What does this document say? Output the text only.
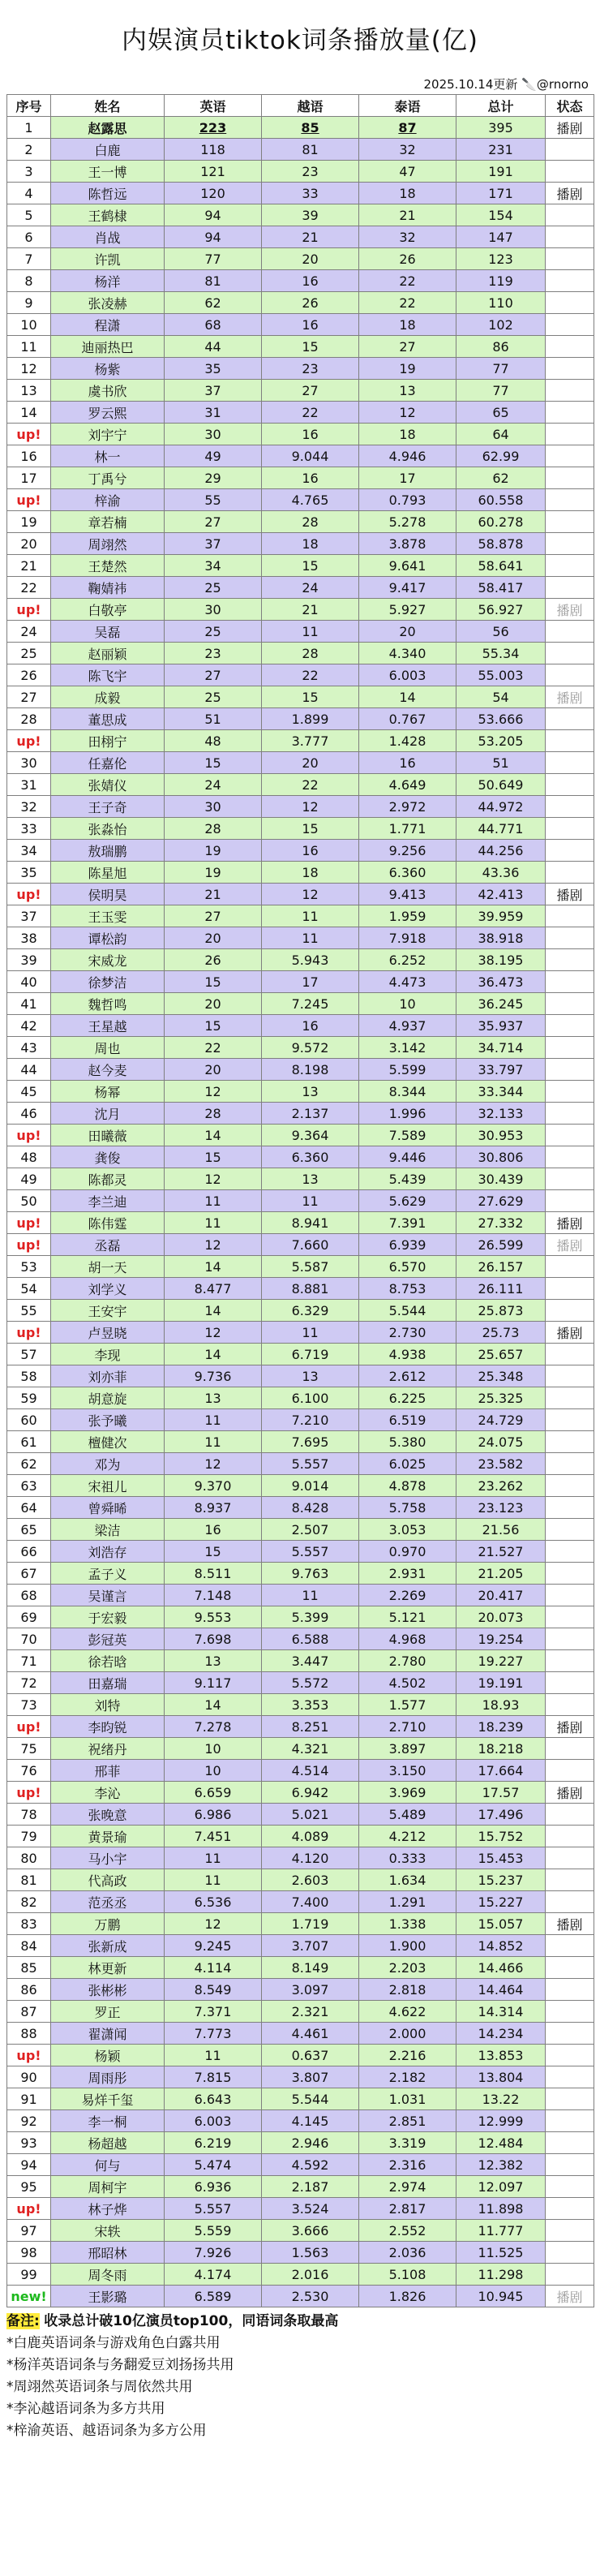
内娱演员tiktok词条播放量(亿)
2025.10.14更新 🔪@rnorno
序号	姓名	英语	越语	泰语	总计	状态
1	赵露思	223	85	87	395	播剧
2	白鹿	118	81	32	231	
3	王一博	121	23	47	191	
4	陈哲远	120	33	18	171	播剧
5	王鹤棣	94	39	21	154	
6	肖战	94	21	32	147	
7	许凯	77	20	26	123	
8	杨洋	81	16	22	119	
9	张凌赫	62	26	22	110	
10	程潇	68	16	18	102	
11	迪丽热巴	44	15	27	86	
12	杨紫	35	23	19	77	
13	虞书欣	37	27	13	77	
14	罗云熙	31	22	12	65	
up!	刘宇宁	30	16	18	64	
16	林一	49	9.044	4.946	62.99	
17	丁禹兮	29	16	17	62	
up!	梓渝	55	4.765	0.793	60.558	
19	章若楠	27	28	5.278	60.278	
20	周翊然	37	18	3.878	58.878	
21	王楚然	34	15	9.641	58.641	
22	鞠婧祎	25	24	9.417	58.417	
up!	白敬亭	30	21	5.927	56.927	播剧
24	吴磊	25	11	20	56	
25	赵丽颖	23	28	4.340	55.34	
26	陈飞宇	27	22	6.003	55.003	
27	成毅	25	15	14	54	播剧
28	董思成	51	1.899	0.767	53.666	
up!	田栩宁	48	3.777	1.428	53.205	
30	任嘉伦	15	20	16	51	
31	张婧仪	24	22	4.649	50.649	
32	王子奇	30	12	2.972	44.972	
33	张淼怡	28	15	1.771	44.771	
34	敖瑞鹏	19	16	9.256	44.256	
35	陈星旭	19	18	6.360	43.36	
up!	侯明昊	21	12	9.413	42.413	播剧
37	王玉雯	27	11	1.959	39.959	
38	谭松韵	20	11	7.918	38.918	
39	宋威龙	26	5.943	6.252	38.195	
40	徐梦洁	15	17	4.473	36.473	
41	魏哲鸣	20	7.245	10	36.245	
42	王星越	15	16	4.937	35.937	
43	周也	22	9.572	3.142	34.714	
44	赵今麦	20	8.198	5.599	33.797	
45	杨幂	12	13	8.344	33.344	
46	沈月	28	2.137	1.996	32.133	
up!	田曦薇	14	9.364	7.589	30.953	
48	龚俊	15	6.360	9.446	30.806	
49	陈都灵	12	13	5.439	30.439	
50	李兰迪	11	11	5.629	27.629	
up!	陈伟霆	11	8.941	7.391	27.332	播剧
up!	丞磊	12	7.660	6.939	26.599	播剧
53	胡一天	14	5.587	6.570	26.157	
54	刘学义	8.477	8.881	8.753	26.111	
55	王安宇	14	6.329	5.544	25.873	
up!	卢昱晓	12	11	2.730	25.73	播剧
57	李现	14	6.719	4.938	25.657	
58	刘亦菲	9.736	13	2.612	25.348	
59	胡意旋	13	6.100	6.225	25.325	
60	张予曦	11	7.210	6.519	24.729	
61	檀健次	11	7.695	5.380	24.075	
62	邓为	12	5.557	6.025	23.582	
63	宋祖儿	9.370	9.014	4.878	23.262	
64	曾舜晞	8.937	8.428	5.758	23.123	
65	梁洁	16	2.507	3.053	21.56	
66	刘浩存	15	5.557	0.970	21.527	
67	孟子义	8.511	9.763	2.931	21.205	
68	吴谨言	7.148	11	2.269	20.417	
69	于宏毅	9.553	5.399	5.121	20.073	
70	彭冠英	7.698	6.588	4.968	19.254	
71	徐若晗	13	3.447	2.780	19.227	
72	田嘉瑞	9.117	5.572	4.502	19.191	
73	刘特	14	3.353	1.577	18.93	
up!	李昀锐	7.278	8.251	2.710	18.239	播剧
75	祝绪丹	10	4.321	3.897	18.218	
76	邢菲	10	4.514	3.150	17.664	
up!	李沁	6.659	6.942	3.969	17.57	播剧
78	张晚意	6.986	5.021	5.489	17.496	
79	黄景瑜	7.451	4.089	4.212	15.752	
80	马小宇	11	4.120	0.333	15.453	
81	代高政	11	2.603	1.634	15.237	
82	范丞丞	6.536	7.400	1.291	15.227	
83	万鹏	12	1.719	1.338	15.057	播剧
84	张新成	9.245	3.707	1.900	14.852	
85	林更新	4.114	8.149	2.203	14.466	
86	张彬彬	8.549	3.097	2.818	14.464	
87	罗正	7.371	2.321	4.622	14.314	
88	翟潇闻	7.773	4.461	2.000	14.234	
up!	杨颖	11	0.637	2.216	13.853	
90	周雨彤	7.815	3.807	2.182	13.804	
91	易烊千玺	6.643	5.544	1.031	13.22	
92	李一桐	6.003	4.145	2.851	12.999	
93	杨超越	6.219	2.946	3.319	12.484	
94	何与	5.474	4.592	2.316	12.382	
95	周柯宇	6.936	2.187	2.974	12.097	
up!	林子烨	5.557	3.524	2.817	11.898	
97	宋轶	5.559	3.666	2.552	11.777	
98	邢昭林	7.926	1.563	2.036	11.525	
99	周冬雨	4.174	2.016	5.108	11.298	
new!	王影璐	6.589	2.530	1.826	10.945	播剧
备注: 收录总计破10亿演员top100，同语词条取最高
*白鹿英语词条与游戏角色白露共用
*杨洋英语词条与务翻爱豆刘扬扬共用
*周翊然英语词条与周依然共用
*李沁越语词条为多方共用
*梓渝英语、越语词条为多方公用
